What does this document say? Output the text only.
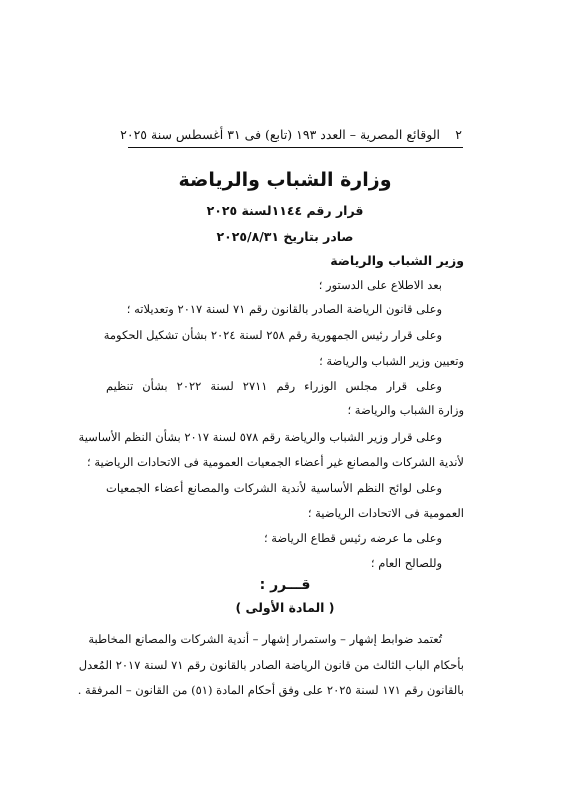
٢
الوقائع المصرية – العدد ١٩٣ (تابع) فى ٣١ أغسطس سنة ٢٠٢٥
وزارة الشباب والرياضة
قرار رقم ١١٤٤لسنة ٢٠٢٥
صادر بتاريخ ٢٠٢٥/٨/٣١
وزير الشباب والرياضة
بعد الاطلاع على الدستور ؛
وعلى قانون الرياضة الصادر بالقانون رقم ٧١ لسنة ٢٠١٧ وتعديلاته ؛
وعلى قرار رئيس الجمهورية رقم ٢٥٨ لسنة ٢٠٢٤ بشأن تشكيل الحكومة
وتعيين وزير الشباب والرياضة ؛
وعلى قرار مجلس الوزراء رقم ٢٧١١ لسنة ٢٠٢٢ بشأن تنظيم
وزارة الشباب والرياضة ؛
وعلى قرار وزير الشباب والرياضة رقم ٥٧٨ لسنة ٢٠١٧ بشأن النظم الأساسية
لأندية الشركات والمصانع غير أعضاء الجمعيات العمومية فى الاتحادات الرياضية ؛
وعلى لوائح النظم الأساسية لأندية الشركات والمصانع أعضاء الجمعيات
العمومية فى الاتحادات الرياضية ؛
وعلى ما عرضه رئيس قطاع الرياضة ؛
وللصالح العام ؛
قـــرر :
( المادة الأولى )
تُعتمد ضوابط إشهار – واستمرار إشهار – أندية الشركات والمصانع المخاطبة
بأحكام الباب الثالث من قانون الرياضة الصادر بالقانون رقم ٧١ لسنة ٢٠١٧ المُعدل
بالقانون رقم ١٧١ لسنة ٢٠٢٥ على وفق أحكام المادة (٥١) من القانون – المرفقة .
